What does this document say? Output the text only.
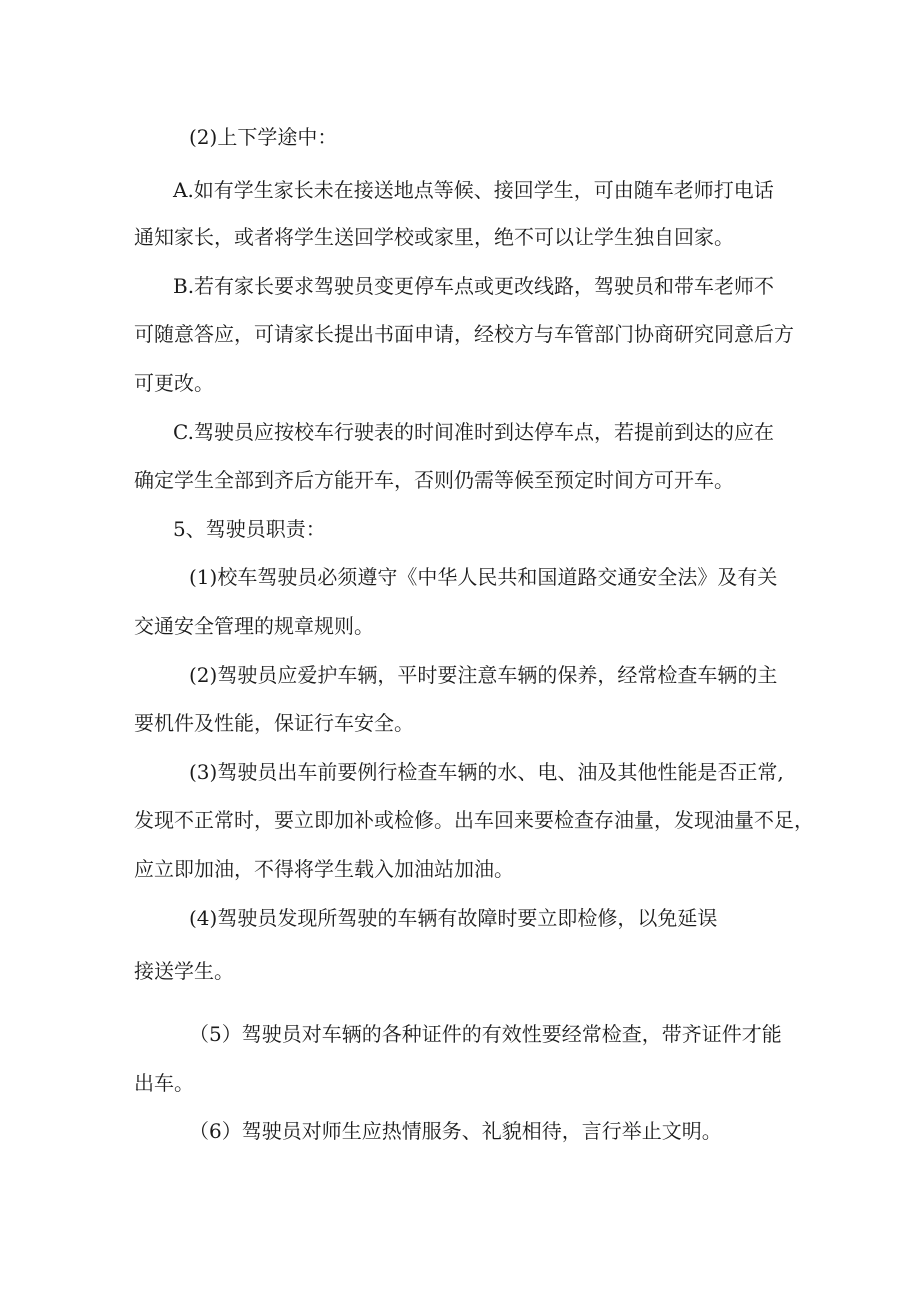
(2)上下学途中：
A.如有学生家长未在接送地点等候、接回学生，可由随车老师打电话
通知家长，或者将学生送回学校或家里，绝不可以让学生独自回家。
B.若有家长要求驾驶员变更停车点或更改线路，驾驶员和带车老师不
可随意答应，可请家长提出书面申请，经校方与车管部门协商研究同意后方
可更改。
C.驾驶员应按校车行驶表的时间准时到达停车点，若提前到达的应在
确定学生全部到齐后方能开车，否则仍需等候至预定时间方可开车。
5、驾驶员职责：
(1)校车驾驶员必须遵守《中华人民共和国道路交通安全法》及有关
交通安全管理的规章规则。
(2)驾驶员应爱护车辆，平时要注意车辆的保养，经常检查车辆的主
要机件及性能，保证行车安全。
(3)驾驶员出车前要例行检查车辆的水、电、油及其他性能是否正常,
发现不正常时，要立即加补或检修。出车回来要检查存油量，发现油量不足，
应立即加油，不得将学生载入加油站加油。
(4)驾驶员发现所驾驶的车辆有故障时要立即检修，以免延误
接送学生。
（5）驾驶员对车辆的各种证件的有效性要经常检查，带齐证件才能
出车。
（6）驾驶员对师生应热情服务、礼貌相待，言行举止文明。
